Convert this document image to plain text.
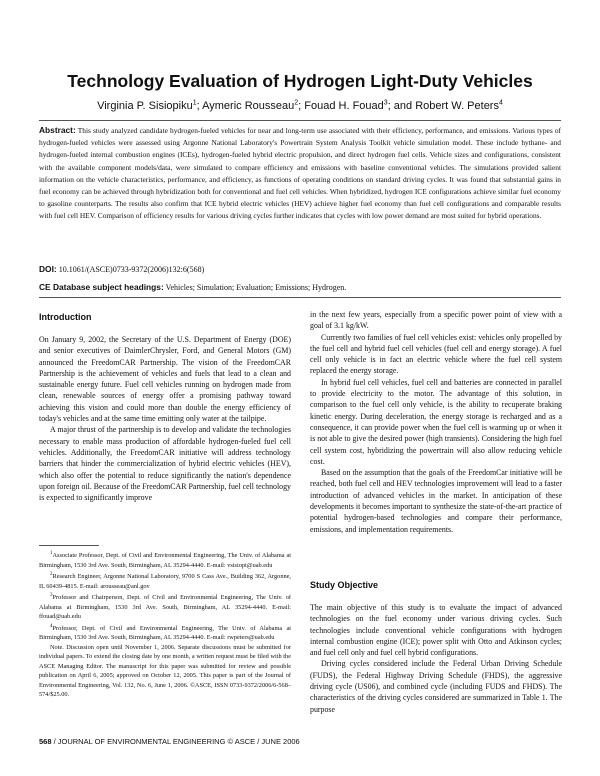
Technology Evaluation of Hydrogen Light-Duty Vehicles
Virginia P. Sisiopiku$^1$; Aymeric Rousseau$^2$; Fouad H. Fouad$^3$; and Robert W. Peters$^4$

Abstract: This study analyzed candidate hydrogen-fueled vehicles for near and long-term use associated with their efficiency, performance, and emissions. Various types of hydrogen-fueled vehicles were assessed using Argonne National Laboratory's Powertrain System Analysis Toolkit vehicle simulation model. These include hythane- and hydrogen-fueled internal combustion engines (ICEs), hydrogen-fueled hybrid electric propulsion, and direct hydrogen fuel cells. Vehicle sizes and configurations, consistent with the available component models/data, were simulated to compare efficiency and emissions with baseline conventional vehicles. The simulations provided salient information on the vehicle characteristics, performance, and efficiency, as functions of operating conditions on standard driving cycles. It was found that substantial gains in fuel economy can be achieved through hybridization both for conventional and fuel cell vehicles. When hybridized, hydrogen ICE configurations achieve similar fuel economy to gasoline counterparts. The results also confirm that ICE hybrid electric vehicles (HEV) achieve higher fuel economy than fuel cell configurations and comparable results with fuel cell HEV. Comparison of efficiency results for various driving cycles further indicates that cycles with low power demand are most suited for hybrid operations.

DOI: 10.1061/(ASCE)0733-9372(2006)132:6(568)
CE Database subject headings: Vehicles; Simulation; Evaluation; Emissions; Hydrogen.
Introduction

On January 9, 2002, the Secretary of the U.S. Department of Energy (DOE) and senior executives of DaimlerChrysler, Ford, and General Motors (GM) announced the FreedomCAR Partnership. The vision of the FreedomCAR Partnership is the achievement of vehicles and fuels that lead to a clean and sustainable energy future. Fuel cell vehicles running on hydrogen made from clean, renewable sources of energy offer a promising pathway toward achieving this vision and could more than double the energy efficiency of today's vehicles and at the same time emitting only water at the tailpipe.

A major thrust of the partnership is to develop and validate the technologies necessary to enable mass production of affordable hydrogen-fueled fuel cell vehicles. Additionally, the FreedomCAR initiative will address technology barriers that hinder the commercialization of hybrid electric vehicles (HEV), which also offer the potential to reduce significantly the nation's dependence upon foreign oil. Because of the FreedomCAR Partnership, fuel cell technology is expected to significantly improve

$^1$Associate Professor, Dept. of Civil and Environmental Engineering, The Univ. of Alabama at Birmingham, 1530 3rd Ave. South, Birmingham, AL 35294-4440. E-mail: vsisiopi@uab.edu

$^2$Research Engineer, Argonne National Laboratory, 9700 S Cass Ave., Building 362, Argonne, IL 60439-4815. E-mail: arousseau@anl.gov

$^3$Professor and Chairperson, Dept. of Civil and Environmental Engineering, The Univ. of Alabama at Birmingham, 1530 3rd Ave. South, Birmingham, AL 35294-4440. E-mail: ffouad@uab.edu

$^4$Professor, Dept. of Civil and Environmental Engineering, The Univ. of Alabama at Birmingham, 1530 3rd Ave. South, Birmingham, AL 35294-4440. E-mail: rwpeters@uab.edu

Note. Discussion open until November 1, 2006. Separate discussions must be submitted for individual papers. To extend the closing date by one month, a written request must be filed with the ASCE Managing Editor. The manuscript for this paper was submitted for review and possible publication on April 6, 2005; approved on October 12, 2005. This paper is part of the Journal of Environmental Engineering, Vol. 132, No. 6, June 1, 2006. ©ASCE, ISSN 0733-9372/2006/6-568–574/$25.00.

in the next few years, especially from a specific power point of view with a goal of 3.1 kg/kW.

Currently two families of fuel cell vehicles exist: vehicles only propelled by the fuel cell and hybrid fuel cell vehicles (fuel cell and energy storage). A fuel cell only vehicle is in fact an electric vehicle where the fuel cell system replaced the energy storage.

In hybrid fuel cell vehicles, fuel cell and batteries are connected in parallel to provide electricity to the motor. The advantage of this solution, in comparison to the fuel cell only vehicle, is the ability to recuperate braking kinetic energy. During deceleration, the energy storage is recharged and as a consequence, it can provide power when the fuel cell is warming up or when it is not able to give the desired power (high transients). Considering the high fuel cell system cost, hybridizing the powertrain will also allow reducing vehicle cost.

Based on the assumption that the goals of the FreedomCar initiative will be reached, both fuel cell and HEV technologies improvement will lead to a faster introduction of advanced vehicles in the market. In anticipation of these developments it becomes important to synthesize the state-of-the-art practice of potential hydrogen-based technologies and compare their performance, emissions, and implementation requirements.

Study Objective

The main objective of this study is to evaluate the impact of advanced technologies on the fuel economy under various driving cycles. Such technologies include conventional vehicle configurations with hydrogen internal combustion engine (ICE); power split with Otto and Atkinson cycles; and fuel cell only and fuel cell hybrid configurations.

Driving cycles considered include the Federal Urban Driving Schedule (FUDS), the Federal Highway Driving Schedule (FHDS), the aggressive driving cycle (US06), and combined cycle (including FUDS and FHDS). The characteristics of the driving cycles considered are summarized in Table 1. The purpose

568 / JOURNAL OF ENVIRONMENTAL ENGINEERING © ASCE / JUNE 2006
